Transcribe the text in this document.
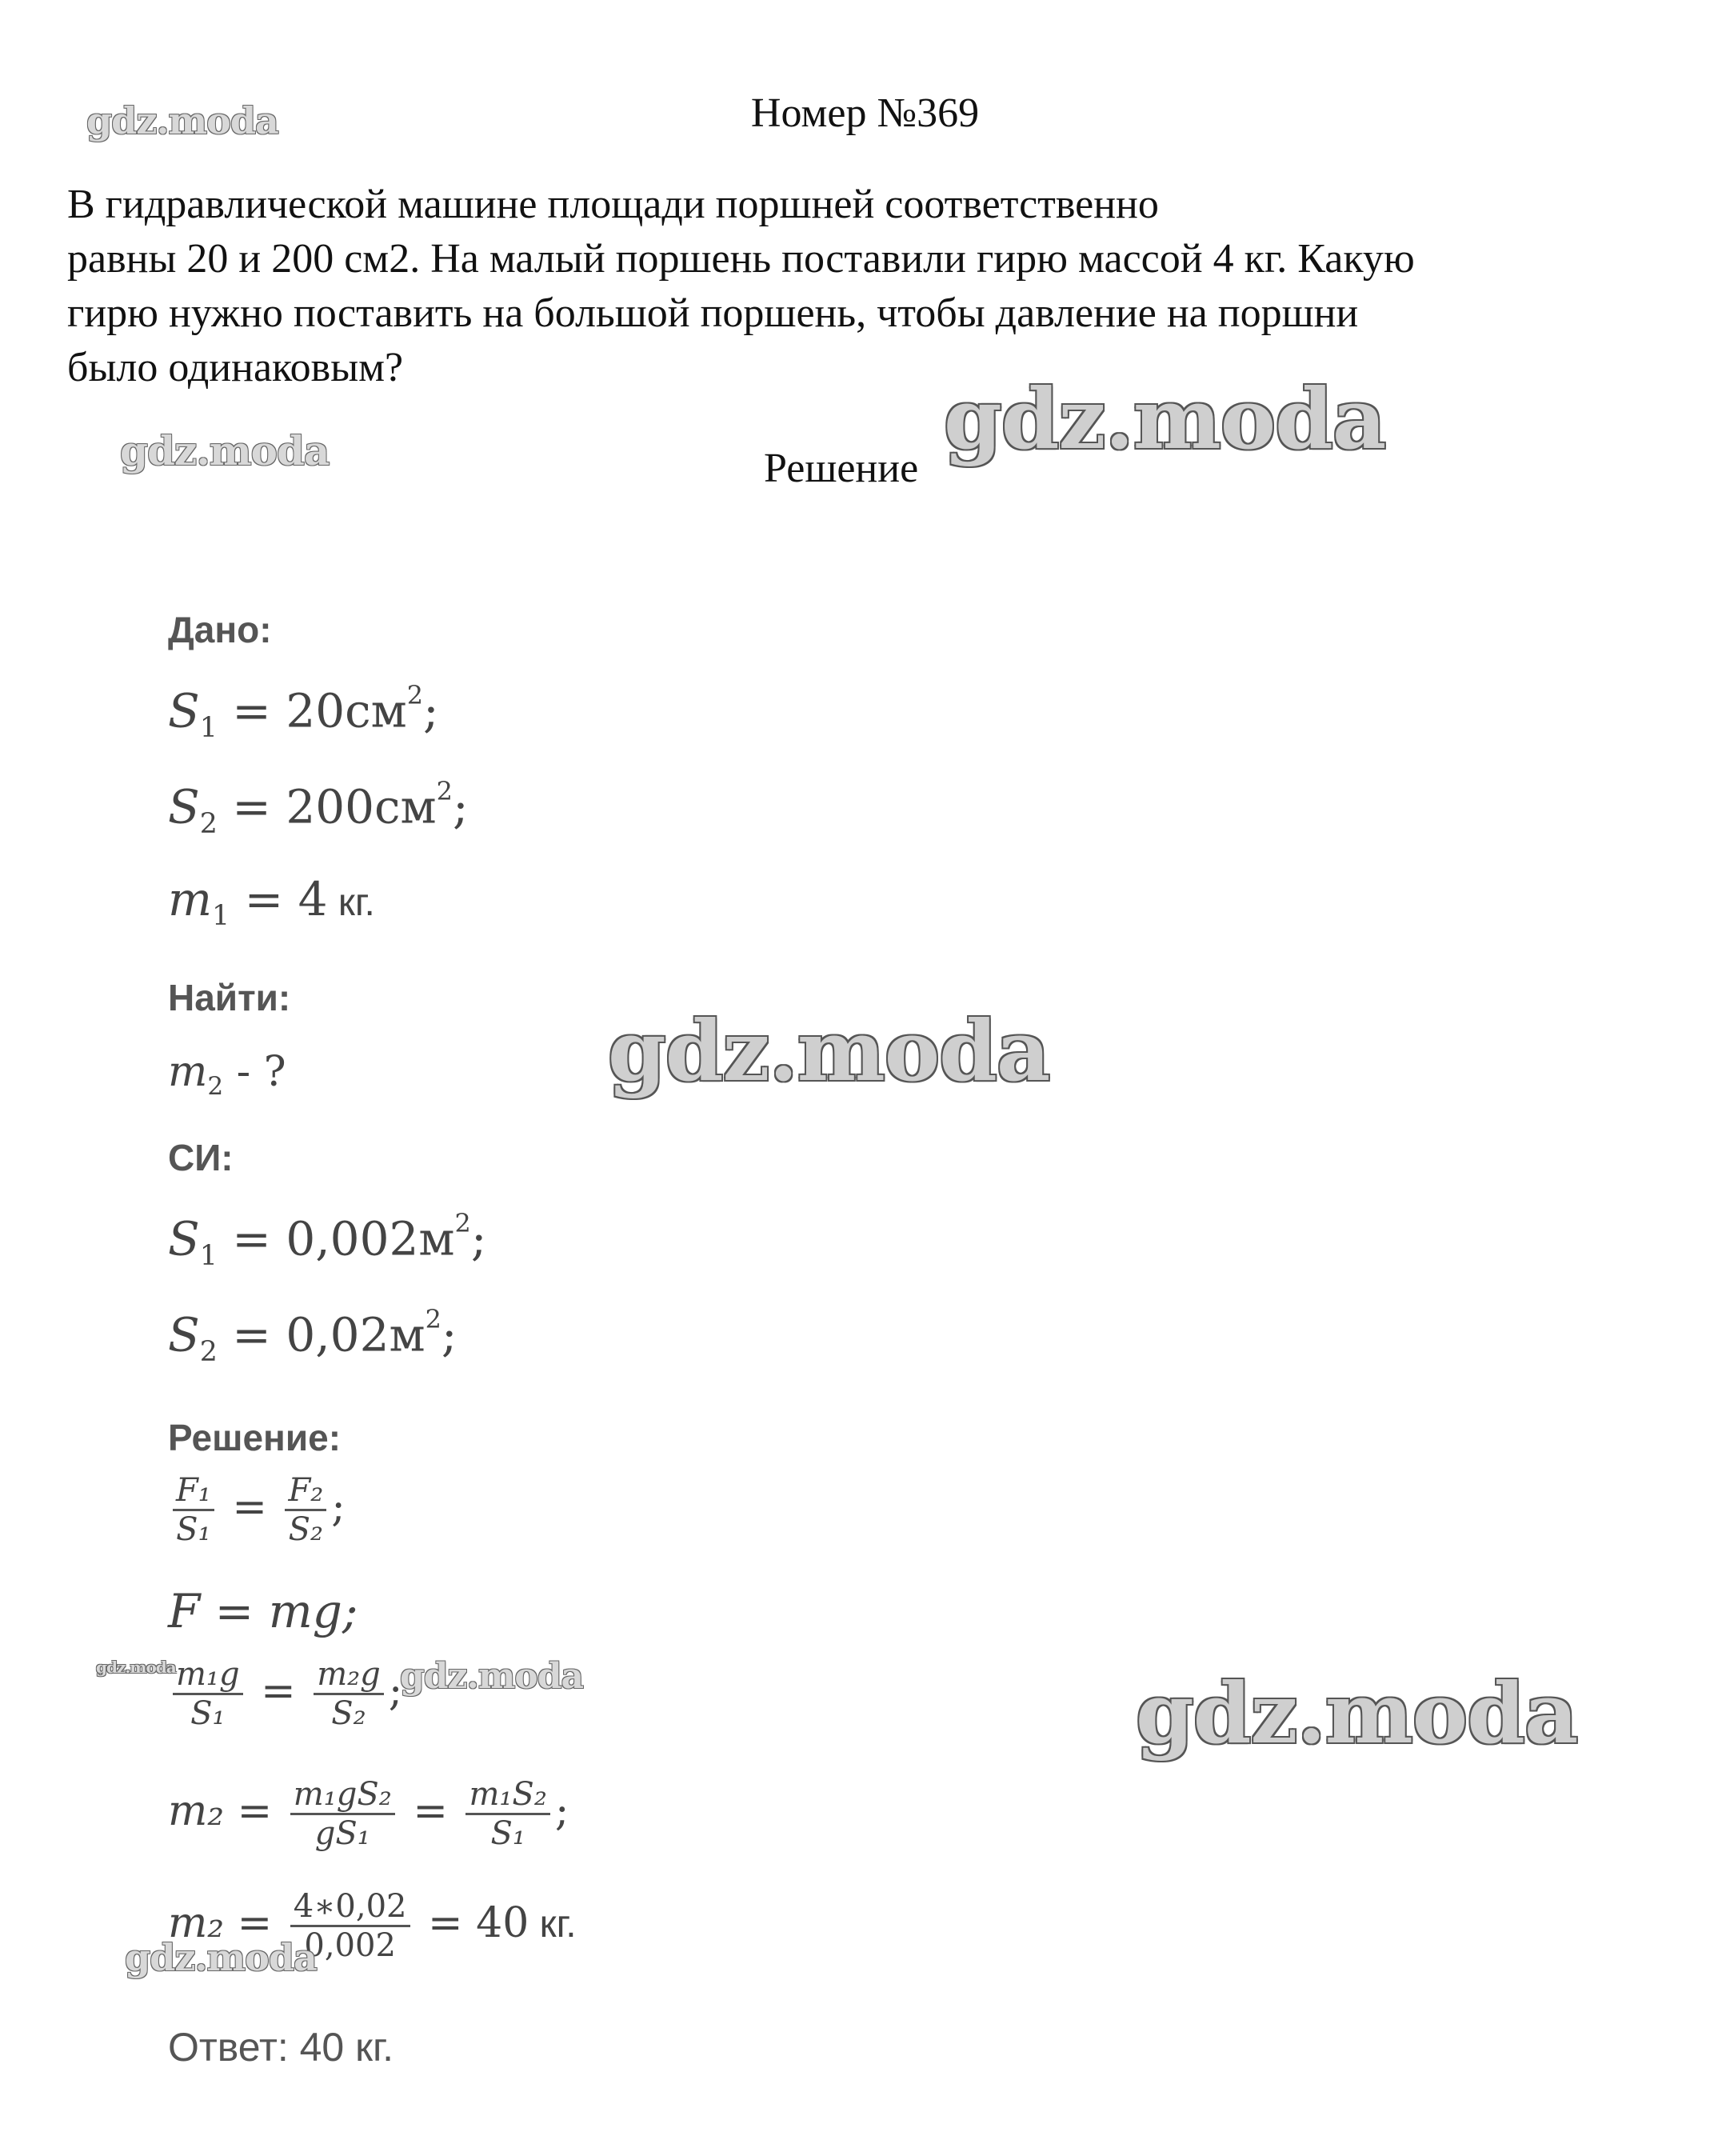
gdz.moda	Номер №369
В гидравлической машине площади поршней соответственно
равны 20 и 200 см2. На малый поршень поставили гирю массой 4 кг. Какую
гирю нужно поставить на большой поршень, чтобы давление на поршни
было одинаковым?
gdz.moda	Решение
gdz.moda
Дано:
$S_1 = 20см^2$;
$S_2 = 200см^2$;
$m_1 = 4$ кг.
Найти:
$m_2$ - ?
СИ:
$S_1 = 0,002м^2$;
$S_2 = 0,02м^2$;
Решение:
$\frac{\text{F₁}}{\text{S₁}} = \frac{\text{F₂}}{\text{S₂}}$ ;
F = mg;
$\frac{\text{m₁g}}{\text{S₁}} = \frac{\text{m₂g}}{\text{S₂}}$ ;
$m_2 = \frac{\text{m₁gS₂}}{\text{gS₁}} = \frac{\text{m₁S₂}}{\text{S₁}}$ ;
$m_2 = \frac{4∗0,02}{0,002} = 40$ кг.
Ответ: 40 кг.
gdz.moda
gdz.moda	gdz.moda	gdz.moda
gdz.moda
